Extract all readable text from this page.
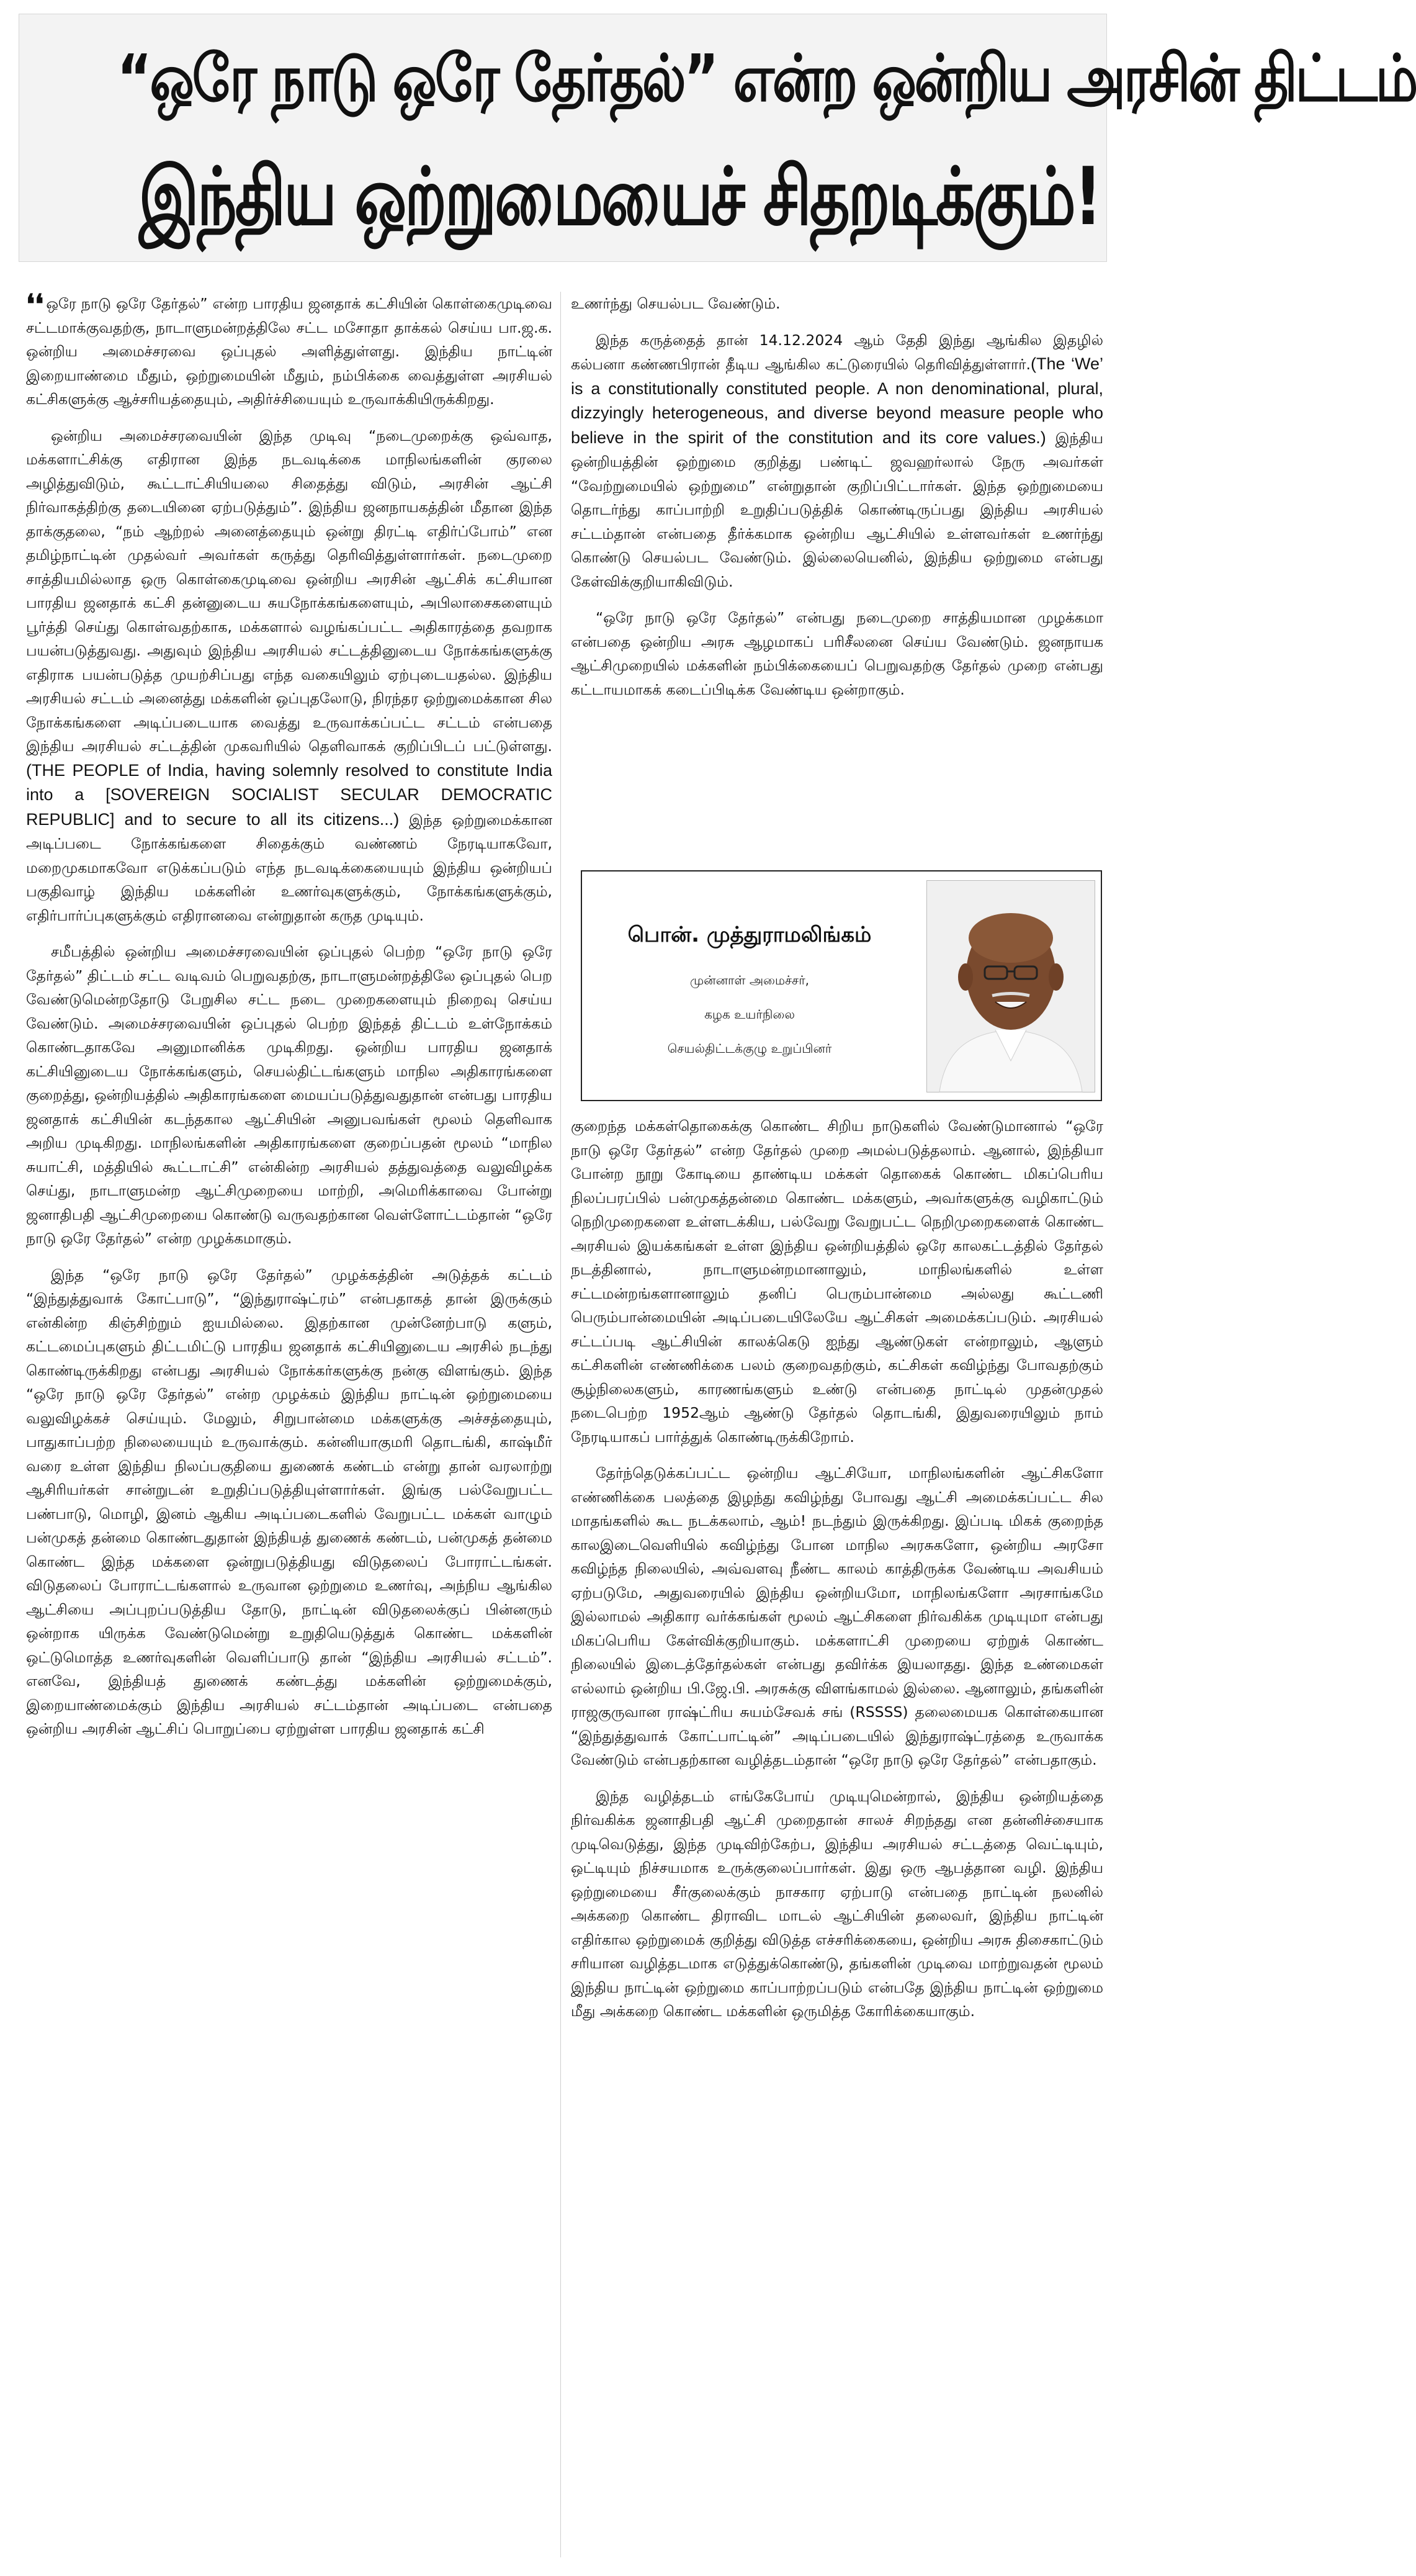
“ஒரே நாடு ஒரே தேர்தல்” என்ற ஒன்றிய அரசின் திட்டம்
இந்திய ஒற்றுமையைச் சிதறடிக்கும்!

❛❛ ஒரே நாடு ஒரே தேர்தல்” என்ற பாரதிய ஜனதாக் கட்சியின் கொள்கைமுடிவை சட்டமாக்குவதற்கு, நாடாளுமன்றத்திலே சட்ட மசோதா தாக்கல் செய்ய பா.ஜ.க. ஒன்றிய அமைச்சரவை ஒப்புதல் அளித்துள்ளது. இந்திய நாட்டின் இறையாண்மை மீதும், ஒற்றுமையின் மீதும், நம்பிக்கை வைத்துள்ள அரசியல் கட்சிகளுக்கு ஆச்சரியத்தையும், அதிர்ச்சியையும் உருவாக்கியிருக்கிறது.

ஒன்றிய அமைச்சரவையின் இந்த முடிவு “நடைமுறைக்கு ஒவ்வாத, மக்களாட்சிக்கு எதிரான இந்த நடவடிக்கை மாநிலங்களின் குரலை அழித்துவிடும், கூட்டாட்சியியலை சிதைத்து விடும், அரசின் ஆட்சி நிர்வாகத்திற்கு தடையினை ஏற்படுத்தும்”. இந்திய ஜனநாயகத்தின் மீதான இந்த தாக்குதலை, “நம் ஆற்றல் அனைத்தையும் ஒன்று திரட்டி எதிர்ப்போம்” என தமிழ்நாட்டின் முதல்வர் அவர்கள் கருத்து தெரிவித்துள்ளார்கள். நடைமுறை சாத்தியமில்லாத ஒரு கொள்கைமுடிவை ஒன்றிய அரசின் ஆட்சிக் கட்சியான பாரதிய ஜனதாக் கட்சி தன்னுடைய சுயநோக்கங்களையும், அபிலாசைகளையும் பூர்த்தி செய்து கொள்வதற்காக, மக்களால் வழங்கப்பட்ட அதிகாரத்தை தவறாக பயன்படுத்துவது. அதுவும் இந்திய அரசியல் சட்டத்தினுடைய நோக்கங்களுக்கு எதிராக பயன்படுத்த முயற்சிப்பது எந்த வகையிலும் ஏற்புடையதல்ல. இந்திய அரசியல் சட்டம் அனைத்து மக்களின் ஒப்புதலோடு, நிரந்தர ஒற்றுமைக்கான சில நோக்கங்களை அடிப்படையாக வைத்து உருவாக்கப்பட்ட சட்டம் என்பதை இந்திய அரசியல் சட்டத்தின் முகவரியில் தெளிவாகக் குறிப்பிடப் பட்டுள்ளது. (THE PEOPLE of India, having solemnly resolved to constitute India into a [SOVEREIGN SOCIALIST SECULAR DEMOCRATIC REPUBLIC] and to secure to all its citizens...) இந்த ஒற்றுமைக்கான அடிப்படை நோக்கங்களை சிதைக்கும் வண்ணம் நேரடியாகவோ, மறைமுகமாகவோ எடுக்கப்படும் எந்த நடவடிக்கையையும் இந்திய ஒன்றியப் பகுதிவாழ் இந்திய மக்களின் உணர்வுகளுக்கும், நோக்கங்களுக்கும், எதிர்பார்ப்புகளுக்கும் எதிரானவை என்றுதான் கருத முடியும்.

சமீபத்தில் ஒன்றிய அமைச்சரவையின் ஒப்புதல் பெற்ற “ஒரே நாடு ஒரே தேர்தல்” திட்டம் சட்ட வடிவம் பெறுவதற்கு, நாடாளுமன்றத்திலே ஒப்புதல் பெற வேண்டுமென்றதோடு பேறுசில சட்ட நடை முறைகளையும் நிறைவு செய்ய வேண்டும். அமைச்சரவையின் ஒப்புதல் பெற்ற இந்தத் திட்டம் உள்நோக்கம் கொண்டதாகவே அனுமானிக்க முடிகிறது. ஒன்றிய பாரதிய ஜனதாக் கட்சியினுடைய நோக்கங்களும், செயல்திட்டங்களும் மாநில அதிகாரங்களை குறைத்து, ஒன்றியத்தில் அதிகாரங்களை மையப்படுத்துவதுதான் என்பது பாரதிய ஜனதாக் கட்சியின் கடந்தகால ஆட்சியின் அனுபவங்கள் மூலம் தெளிவாக அறிய முடிகிறது. மாநிலங்களின் அதிகாரங்களை குறைப்பதன் மூலம் “மாநில சுயாட்சி, மத்தியில் கூட்டாட்சி” என்கின்ற அரசியல் தத்துவத்தை வலுவிழக்க செய்து, நாடாளுமன்ற ஆட்சிமுறையை மாற்றி, அமெரிக்காவை போன்று ஜனாதிபதி ஆட்சிமுறையை கொண்டு வருவதற்கான வெள்ளோட்டம்தான் “ஒரே நாடு ஒரே தேர்தல்” என்ற முழக்கமாகும்.

இந்த “ஒரே நாடு ஒரே தேர்தல்” முழக்கத்தின் அடுத்தக் கட்டம் “இந்துத்துவாக் கோட்பாடு”, “இந்துராஷ்ட்ரம்” என்பதாகத் தான் இருக்கும் என்கின்ற கிஞ்சிற்றும் ஐயமில்லை. இதற்கான முன்னேற்பாடு களும், கட்டமைப்புகளும் திட்டமிட்டு பாரதிய ஜனதாக் கட்சியினுடைய அரசில் நடந்து கொண்டிருக்கிறது என்பது அரசியல் நோக்கர்களுக்கு நன்கு விளங்கும். இந்த “ஒரே நாடு ஒரே தேர்தல்” என்ற முழக்கம் இந்திய நாட்டின் ஒற்றுமையை வலுவிழக்கச் செய்யும். மேலும், சிறுபான்மை மக்களுக்கு அச்சத்தையும், பாதுகாப்பற்ற நிலையையும் உருவாக்கும். கன்னியாகுமரி தொடங்கி, காஷ்மீர் வரை உள்ள இந்திய நிலப்பகுதியை துணைக் கண்டம் என்று தான் வரலாற்று ஆசிரியர்கள் சான்றுடன் உறுதிப்படுத்தியுள்ளார்கள். இங்கு பல்வேறுபட்ட பண்பாடு, மொழி, இனம் ஆகிய அடிப்படைகளில் வேறுபட்ட மக்கள் வாழும் பன்முகத் தன்மை கொண்டதுதான் இந்தியத் துணைக் கண்டம், பன்முகத் தன்மை கொண்ட இந்த மக்களை ஒன்றுபடுத்தியது விடுதலைப் போராட்டங்கள். விடுதலைப் போராட்டங்களால் உருவான ஒற்றுமை உணர்வு, அந்நிய ஆங்கில ஆட்சியை அப்புறப்படுத்திய தோடு, நாட்டின் விடுதலைக்குப் பின்னரும் ஒன்றாக யிருக்க வேண்டுமென்று உறுதியெடுத்துக் கொண்ட மக்களின் ஒட்டுமொத்த உணர்வுகளின் வெளிப்பாடு தான் “இந்திய அரசியல் சட்டம்”. எனவே, இந்தியத் துணைக் கண்டத்து மக்களின் ஒற்றுமைக்கும், இறையாண்மைக்கும் இந்திய அரசியல் சட்டம்தான் அடிப்படை என்பதை ஒன்றிய அரசின் ஆட்சிப் பொறுப்பை ஏற்றுள்ள பாரதிய ஜனதாக் கட்சி

உணர்ந்து செயல்பட வேண்டும்.

இந்த கருத்தைத் தான் 14.12.2024 ஆம் தேதி இந்து ஆங்கில இதழில் கல்பனா கண்ணபிரான் தீடிய ஆங்கில கட்டுரையில் தெரிவித்துள்ளார்.(The ‘We’ is a constitutionally constituted people. A non denominational, plural, dizzyingly heterogeneous, and diverse beyond measure people who believe in the spirit of the constitution and its core values.) இந்திய ஒன்றியத்தின் ஒற்றுமை குறித்து பண்டிட் ஜவஹர்லால் நேரு அவர்கள் “வேற்றுமையில் ஒற்றுமை” என்றுதான் குறிப்பிட்டார்கள். இந்த ஒற்றுமையை தொடர்ந்து காப்பாற்றி உறுதிப்படுத்திக் கொண்டிருப்பது இந்திய அரசியல் சட்டம்தான் என்பதை தீர்க்கமாக ஒன்றிய ஆட்சியில் உள்ளவர்கள் உணர்ந்து கொண்டு செயல்பட வேண்டும். இல்லையெனில், இந்திய ஒற்றுமை என்பது கேள்விக்குறியாகிவிடும்.

“ஒரே நாடு ஒரே தேர்தல்” என்பது நடைமுறை சாத்தியமான முழக்கமா என்பதை ஒன்றிய அரசு ஆழமாகப் பரிசீலனை செய்ய வேண்டும். ஜனநாயக ஆட்சிமுறையில் மக்களின் நம்பிக்கையைப் பெறுவதற்கு தேர்தல் முறை என்பது கட்டாயமாகக் கடைப்பிடிக்க வேண்டிய ஒன்றாகும்.

பொன். முத்துராமலிங்கம்
முன்னாள் அமைச்சர்,
கழக உயர்நிலை
செயல்திட்டக்குழு உறுப்பினர்

குறைந்த மக்கள்தொகைக்கு கொண்ட சிறிய நாடுகளில் வேண்டுமானால் “ஒரே நாடு ஒரே தேர்தல்” என்ற தேர்தல் முறை அமல்படுத்தலாம். ஆனால், இந்தியா போன்ற நூறு கோடியை தாண்டிய மக்கள் தொகைக் கொண்ட மிகப்பெரிய நிலப்பரப்பில் பன்முகத்தன்மை கொண்ட மக்களும், அவர்களுக்கு வழிகாட்டும் நெறிமுறைகளை உள்ளடக்கிய, பல்வேறு வேறுபட்ட நெறிமுறைகளைக் கொண்ட அரசியல் இயக்கங்கள் உள்ள இந்திய ஒன்றியத்தில் ஒரே காலகட்டத்தில் தேர்தல் நடத்தினால், நாடாளுமன்றமானாலும், மாநிலங்களில் உள்ள சட்டமன்றங்களானாலும் தனிப் பெரும்பான்மை அல்லது கூட்டணி பெரும்பான்மையின் அடிப்படையிலேயே ஆட்சிகள் அமைக்கப்படும். அரசியல் சட்டப்படி ஆட்சியின் காலக்கெடு ஐந்து ஆண்டுகள் என்றாலும், ஆளும் கட்சிகளின் எண்ணிக்கை பலம் குறைவதற்கும், கட்சிகள் கவிழ்ந்து போவதற்கும் சூழ்நிலைகளும், காரணங்களும் உண்டு என்பதை நாட்டில் முதன்முதல் நடைபெற்ற 1952ஆம் ஆண்டு தேர்தல் தொடங்கி, இதுவரையிலும் நாம் நேரடியாகப் பார்த்துக் கொண்டிருக்கிறோம்.

தேர்ந்தெடுக்கப்பட்ட ஒன்றிய ஆட்சியோ, மாநிலங்களின் ஆட்சிகளோ எண்ணிக்கை பலத்தை இழந்து கவிழ்ந்து போவது ஆட்சி அமைக்கப்பட்ட சில மாதங்களில் கூட நடக்கலாம், ஆம்! நடந்தும் இருக்கிறது. இப்படி மிகக் குறைந்த காலஇடைவெளியில் கவிழ்ந்து போன மாநில அரசுகளோ, ஒன்றிய அரசோ கவிழ்ந்த நிலையில், அவ்வளவு நீண்ட காலம் காத்திருக்க வேண்டிய அவசியம் ஏற்படுமே, அதுவரையில் இந்திய ஒன்றியமோ, மாநிலங்களோ அரசாங்கமே இல்லாமல் அதிகார வர்க்கங்கள் மூலம் ஆட்சிகளை நிர்வகிக்க முடியுமா என்பது மிகப்பெரிய கேள்விக்குறியாகும். மக்களாட்சி முறையை ஏற்றுக் கொண்ட நிலையில் இடைத்தேர்தல்கள் என்பது தவிர்க்க இயலாதது. இந்த உண்மைகள் எல்லாம் ஒன்றிய பி.ஜே.பி. அரசுக்கு விளங்காமல் இல்லை. ஆனாலும், தங்களின் ராஜகுருவான ராஷ்ட்ரிய சுயம்சேவக் சங் (RSSSS) தலைமையக கொள்கையான “இந்துத்துவாக் கோட்பாட்டின்” அடிப்படையில் இந்துராஷ்ட்ரத்தை உருவாக்க வேண்டும் என்பதற்கான வழித்தடம்தான் “ஒரே நாடு ஒரே தேர்தல்” என்பதாகும்.

இந்த வழித்தடம் எங்கேபோய் முடியுமென்றால், இந்திய ஒன்றியத்தை நிர்வகிக்க ஜனாதிபதி ஆட்சி முறைதான் சாலச் சிறந்தது என தன்னிச்சையாக முடிவெடுத்து, இந்த முடிவிற்கேற்ப, இந்திய அரசியல் சட்டத்தை வெட்டியும், ஒட்டியும் நிச்சயமாக உருக்குலைப்பார்கள். இது ஒரு ஆபத்தான வழி. இந்திய ஒற்றுமையை சீர்குலைக்கும் நாசகார ஏற்பாடு என்பதை நாட்டின் நலனில் அக்கறை கொண்ட திராவிட மாடல் ஆட்சியின் தலைவர், இந்திய நாட்டின் எதிர்கால ஒற்றுமைக் குறித்து விடுத்த எச்சரிக்கையை, ஒன்றிய அரசு திசைகாட்டும் சரியான வழித்தடமாக எடுத்துக்கொண்டு, தங்களின் முடிவை மாற்றுவதன் மூலம் இந்திய நாட்டின் ஒற்றுமை காப்பாற்றப்படும் என்பதே இந்திய நாட்டின் ஒற்றுமை மீது அக்கறை கொண்ட மக்களின் ஒருமித்த கோரிக்கையாகும்.
